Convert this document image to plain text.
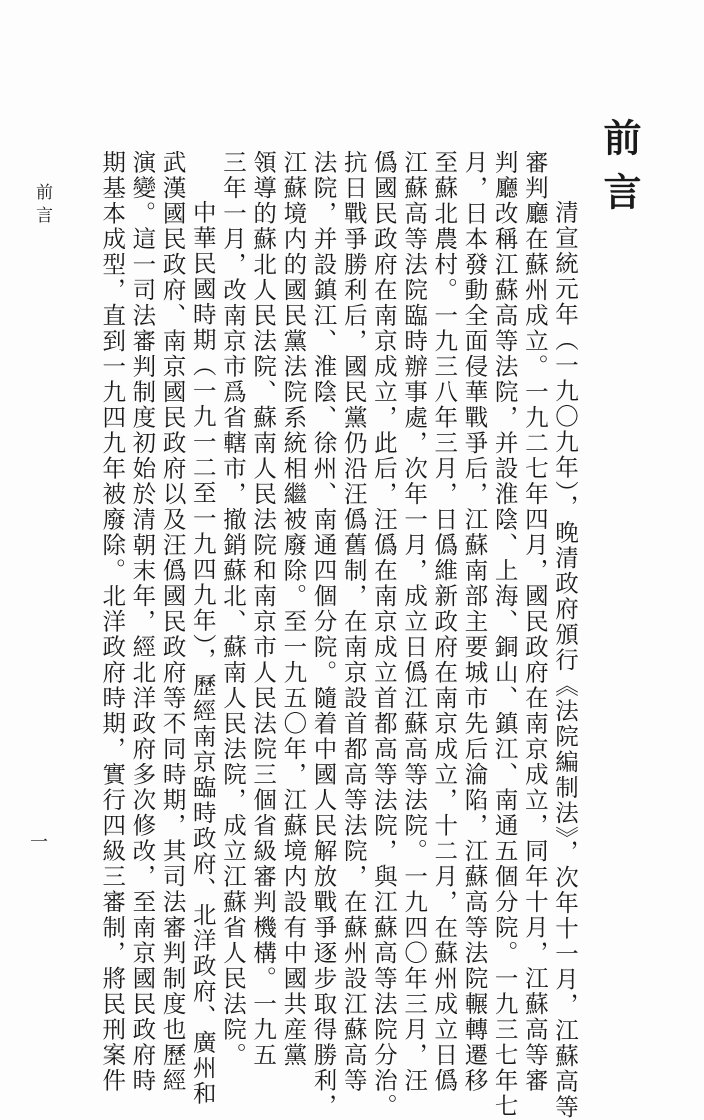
前言
一
前言
清宣統元年（一九〇九年），晚清政府頒行《法院編制法》，次年十一月，江蘇高等
審判廳在蘇州成立。一九二七年四月，國民政府在南京成立，同年十月，江蘇高等審
判廳改稱江蘇高等法院，并設淮陰、上海、銅山、鎮江、南通五個分院。一九三七年七
月，日本發動全面侵華戰爭后，江蘇南部主要城市先后淪陷，江蘇高等法院輾轉遷移
至蘇北農村。一九三八年三月，日僞維新政府在南京成立，十二月，在蘇州成立日僞
江蘇高等法院臨時辦事處，次年一月，成立日僞江蘇高等法院。一九四〇年三月，汪
僞國民政府在南京成立，此后，汪僞在南京成立首都高等法院，與江蘇高等法院分治。
抗日戰爭勝利后，國民黨仍沿汪僞舊制，在南京設首都高等法院，在蘇州設江蘇高等
法院，并設鎮江、淮陰、徐州、南通四個分院。隨着中國人民解放戰爭逐步取得勝利，
江蘇境内的國民黨法院系統相繼被廢除。至一九五〇年，江蘇境内設有中國共産黨
領導的蘇北人民法院、蘇南人民法院和南京市人民法院三個省級審判機構。一九五
三年一月，改南京市爲省轄市，撤銷蘇北、蘇南人民法院，成立江蘇省人民法院。
中華民國時期（一九一二至一九四九年），歷經南京臨時政府、北洋政府、廣州和
武漢國民政府、南京國民政府以及汪僞國民政府等不同時期，其司法審判制度也歷經
演變。這一司法審判制度初始於清朝末年，經北洋政府多次修改，至南京國民政府時
期基本成型，直到一九四九年被廢除。北洋政府時期，實行四級三審制，將民刑案件
